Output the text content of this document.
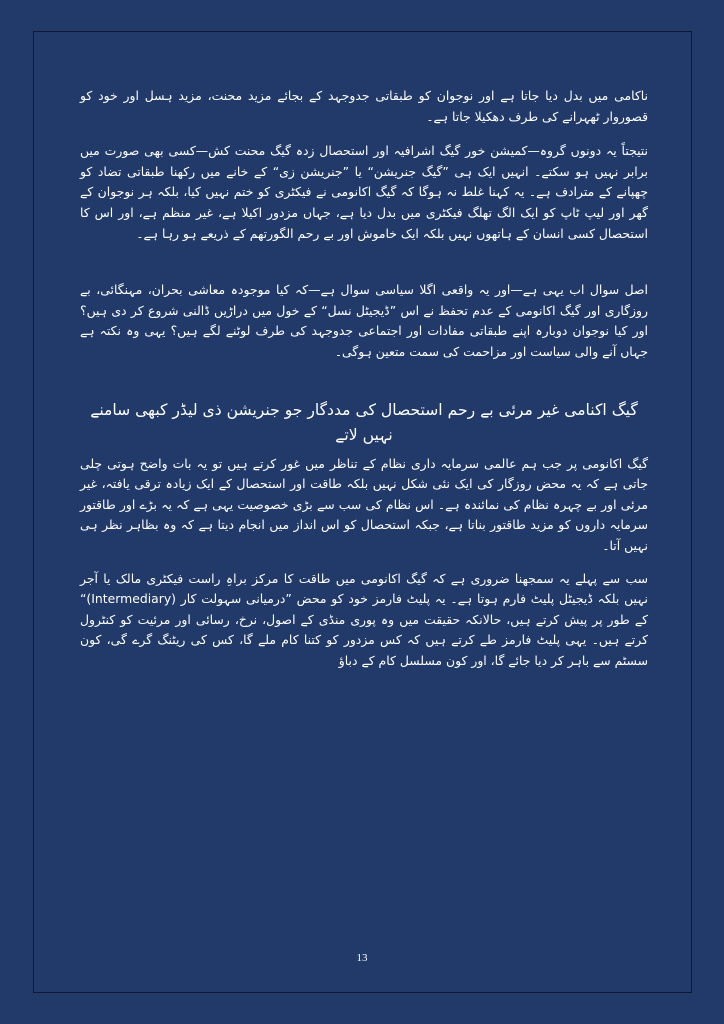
ناکامی میں بدل دیا جاتا ہے اور نوجوان کو طبقاتی جدوجہد کے بجائے مزید محنت، مزید ہسل اور خود کو قصوروار ٹھہرانے کی طرف دھکیلا جاتا ہے۔

نتیجتاً یہ دونوں گروہ—کمیشن خور گیگ اشرافیہ اور استحصال زدہ گیگ محنت کش—کسی بھی صورت میں برابر نہیں ہو سکتے۔ انہیں ایک ہی ”گیگ جنریشن“ یا ”جنریشن زی“ کے خانے میں رکھنا طبقاتی تضاد کو چھپانے کے مترادف ہے۔ یہ کہنا غلط نہ ہوگا کہ گیگ اکانومی نے فیکٹری کو ختم نہیں کیا، بلکہ ہر نوجوان کے گھر اور لیپ ٹاپ کو ایک الگ تھلگ فیکٹری میں بدل دیا ہے، جہاں مزدور اکیلا ہے، غیر منظم ہے، اور اس کا استحصال کسی انسان کے ہاتھوں نہیں بلکہ ایک خاموش اور بے رحم الگورتھم کے ذریعے ہو رہا ہے۔

اصل سوال اب یہی ہے—اور یہ واقعی اگلا سیاسی سوال ہے—کہ کیا موجودہ معاشی بحران، مہنگائی، بے روزگاری اور گیگ اکانومی کے عدم تحفظ نے اس ”ڈیجیٹل نسل“ کے خول میں دراڑیں ڈالنی شروع کر دی ہیں؟ اور کیا نوجوان دوبارہ اپنے طبقاتی مفادات اور اجتماعی جدوجہد کی طرف لوٹنے لگے ہیں؟ یہی وہ نکتہ ہے جہاں آنے والی سیاست اور مزاحمت کی سمت متعین ہوگی۔

گیگ اکنامی غیر مرئی بے رحم استحصال کی مددگار جو جنریشن ذی لیڈر کبھی سامنے نہیں لاتے

گیگ اکانومی پر جب ہم عالمی سرمایہ داری نظام کے تناظر میں غور کرتے ہیں تو یہ بات واضح ہوتی چلی جاتی ہے کہ یہ محض روزگار کی ایک نئی شکل نہیں بلکہ طاقت اور استحصال کے ایک زیادہ ترقی یافتہ، غیر مرئی اور بے چہرہ نظام کی نمائندہ ہے۔ اس نظام کی سب سے بڑی خصوصیت یہی ہے کہ یہ بڑے اور طاقتور سرمایہ داروں کو مزید طاقتور بناتا ہے، جبکہ استحصال کو اس انداز میں انجام دیتا ہے کہ وہ بظاہر نظر ہی نہیں آتا۔

سب سے پہلے یہ سمجھنا ضروری ہے کہ گیگ اکانومی میں طاقت کا مرکز براہِ راست فیکٹری مالک یا آجر نہیں بلکہ ڈیجیٹل پلیٹ فارم ہوتا ہے۔ یہ پلیٹ فارمز خود کو محض ”درمیانی سہولت کار (Intermediary)“ کے طور پر پیش کرتے ہیں، حالانکہ حقیقت میں وہ پوری منڈی کے اصول، نرخ، رسائی اور مرئیت کو کنٹرول کرتے ہیں۔ یہی پلیٹ فارمز طے کرتے ہیں کہ کس مزدور کو کتنا کام ملے گا، کس کی ریٹنگ گرے گی، کون سسٹم سے باہر کر دیا جائے گا، اور کون مسلسل کام کے دباؤ

13
